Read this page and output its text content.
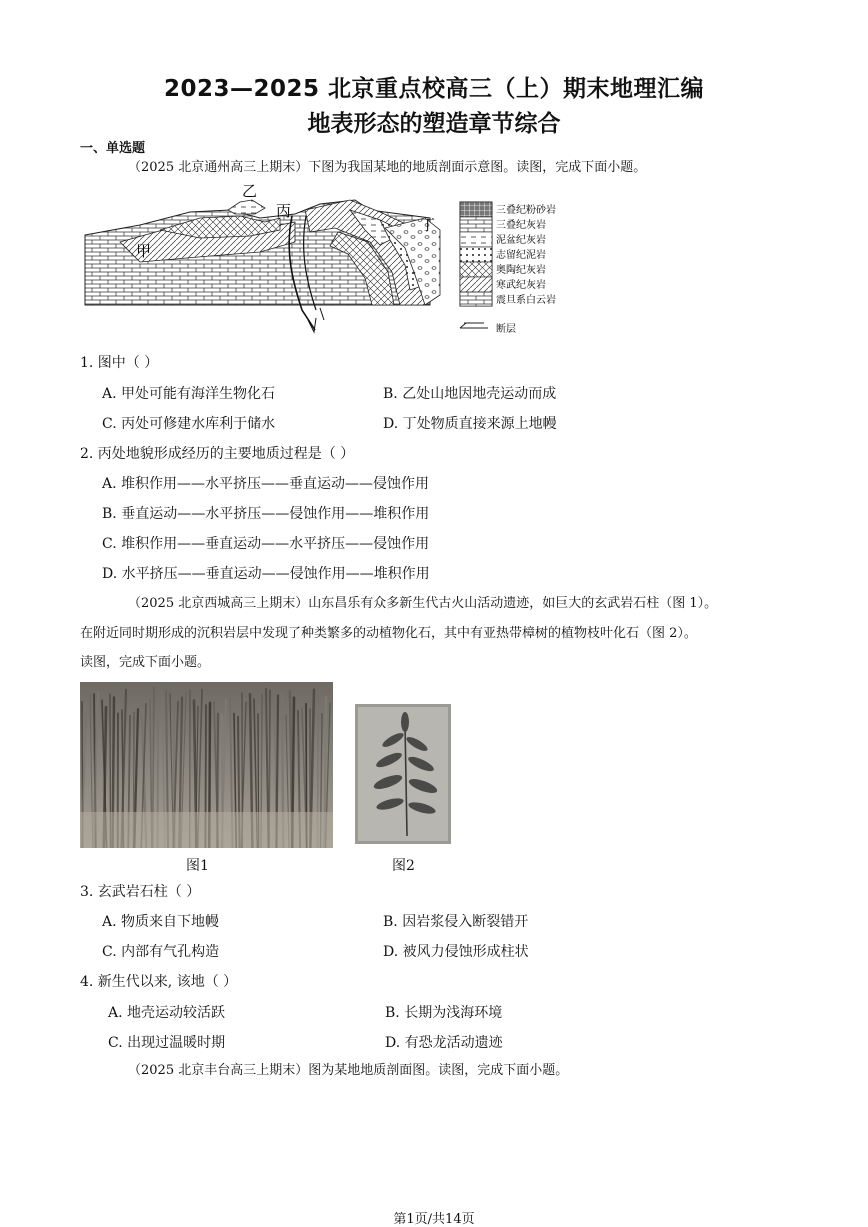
2023—2025 北京重点校高三（上）期末地理汇编
地表形态的塑造章节综合
一、单选题
（2025 北京通州高三上期末）下图为我国某地的地质剖面示意图。读图，完成下面小题。
乙
丙
丁
甲
三叠纪粉砂岩
三叠纪灰岩
泥盆纪灰岩
志留纪泥岩
奥陶纪灰岩
寒武纪灰岩
震旦系白云岩
断层
1. 图中（ ）
A. 甲处可能有海洋生物化石	B. 乙处山地因地壳运动而成
C. 丙处可修建水库利于储水	D. 丁处物质直接来源上地幔
2. 丙处地貌形成经历的主要地质过程是（ ）
A. 堆积作用——水平挤压——垂直运动——侵蚀作用
B. 垂直运动——水平挤压——侵蚀作用——堆积作用
C. 堆积作用——垂直运动——水平挤压——侵蚀作用
D. 水平挤压——垂直运动——侵蚀作用——堆积作用
（2025 北京西城高三上期末）山东昌乐有众多新生代古火山活动遗迹，如巨大的玄武岩石柱（图 1）。
在附近同时期形成的沉积岩层中发现了种类繁多的动植物化石，其中有亚热带樟树的植物枝叶化石（图 2）。
读图，完成下面小题。
图1	图2
3. 玄武岩石柱（ ）
A. 物质来自下地幔	B. 因岩浆侵入断裂错开
C. 内部有气孔构造	D. 被风力侵蚀形成柱状
4. 新生代以来, 该地（ ）
A. 地壳运动较活跃	B. 长期为浅海环境
C. 出现过温暖时期	D. 有恐龙活动遗迹
（2025 北京丰台高三上期末）图为某地地质剖面图。读图，完成下面小题。
第1页/共14页
